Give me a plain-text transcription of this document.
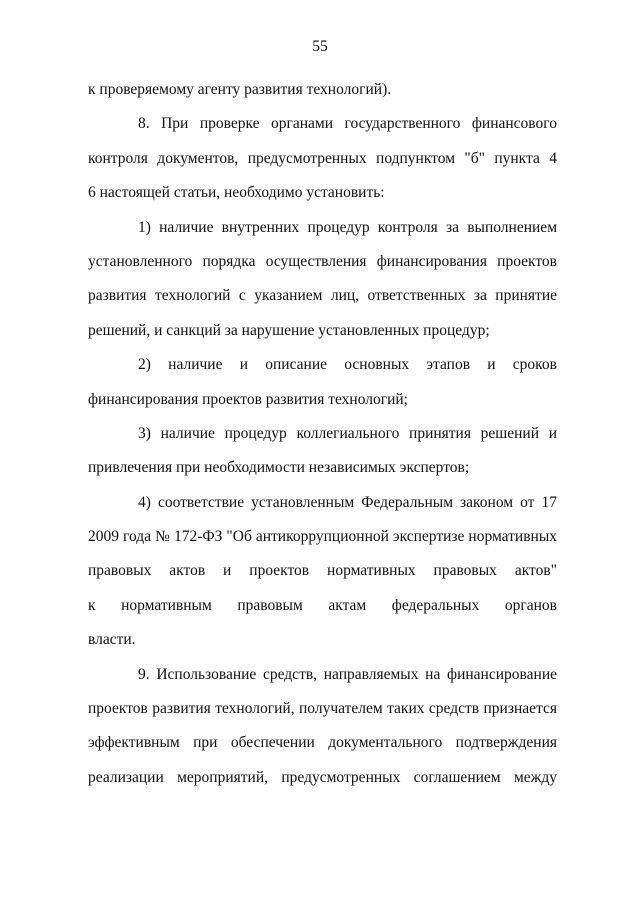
55
к проверяемому агенту развития технологий).
8. При проверке органами государственного финансового
контроля документов, предусмотренных подпунктом "б" пункта 4
6 настоящей статьи, необходимо установить:
1) наличие внутренних процедур контроля за выполнением
установленного порядка осуществления финансирования проектов
развития технологий с указанием лиц, ответственных за принятие
решений, и санкций за нарушение установленных процедур;
2) наличие и описание основных этапов и сроков
финансирования проектов развития технологий;
3) наличие процедур коллегиального принятия решений и
привлечения при необходимости независимых экспертов;
4) соответствие установленным Федеральным законом от 17
2009 года № 172-ФЗ "Об антикоррупционной экспертизе нормативных
правовых актов и проектов нормативных правовых актов"
к нормативным правовым актам федеральных органов
власти.
9. Использование средств, направляемых на финансирование
проектов развития технологий, получателем таких средств признается
эффективным при обеспечении документального подтверждения
реализации мероприятий, предусмотренных соглашением между
